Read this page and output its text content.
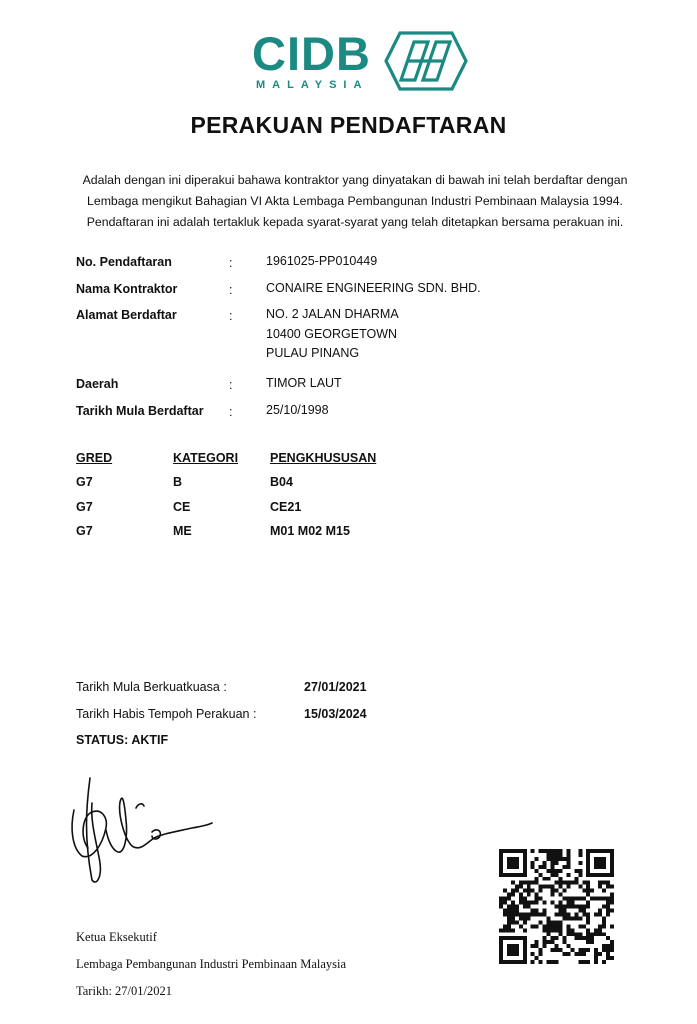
CIDB
MALAYSIA
PERAKUAN PENDAFTARAN
Adalah dengan ini diperakui bahawa kontraktor yang dinyatakan di bawah ini telah berdaftar dengan
Lembaga mengikut Bahagian VI Akta Lembaga Pembangunan Industri Pembinaan Malaysia 1994.
Pendaftaran ini adalah tertakluk kepada syarat-syarat yang telah ditetapkan bersama perakuan ini.
No. Pendaftaran	:	1961025-PP010449
Nama Kontraktor	:	CONAIRE ENGINEERING SDN. BHD.
Alamat Berdaftar	:	NO. 2 JALAN DHARMA
10400 GEORGETOWN
PULAU PINANG
Daerah	:	TIMOR LAUT
Tarikh Mula Berdaftar :	25/10/1998
GRED	KATEGORI	PENGKHUSUSAN
G7	B	B04
G7	CE	CE21
G7	ME	M01 M02 M15
Tarikh Mula Berkuatkuasa :	27/01/2021
Tarikh Habis Tempoh Perakuan :	15/03/2024
STATUS: AKTIF
Ketua Eksekutif
Lembaga Pembangunan Industri Pembinaan Malaysia
Tarikh: 27/01/2021
